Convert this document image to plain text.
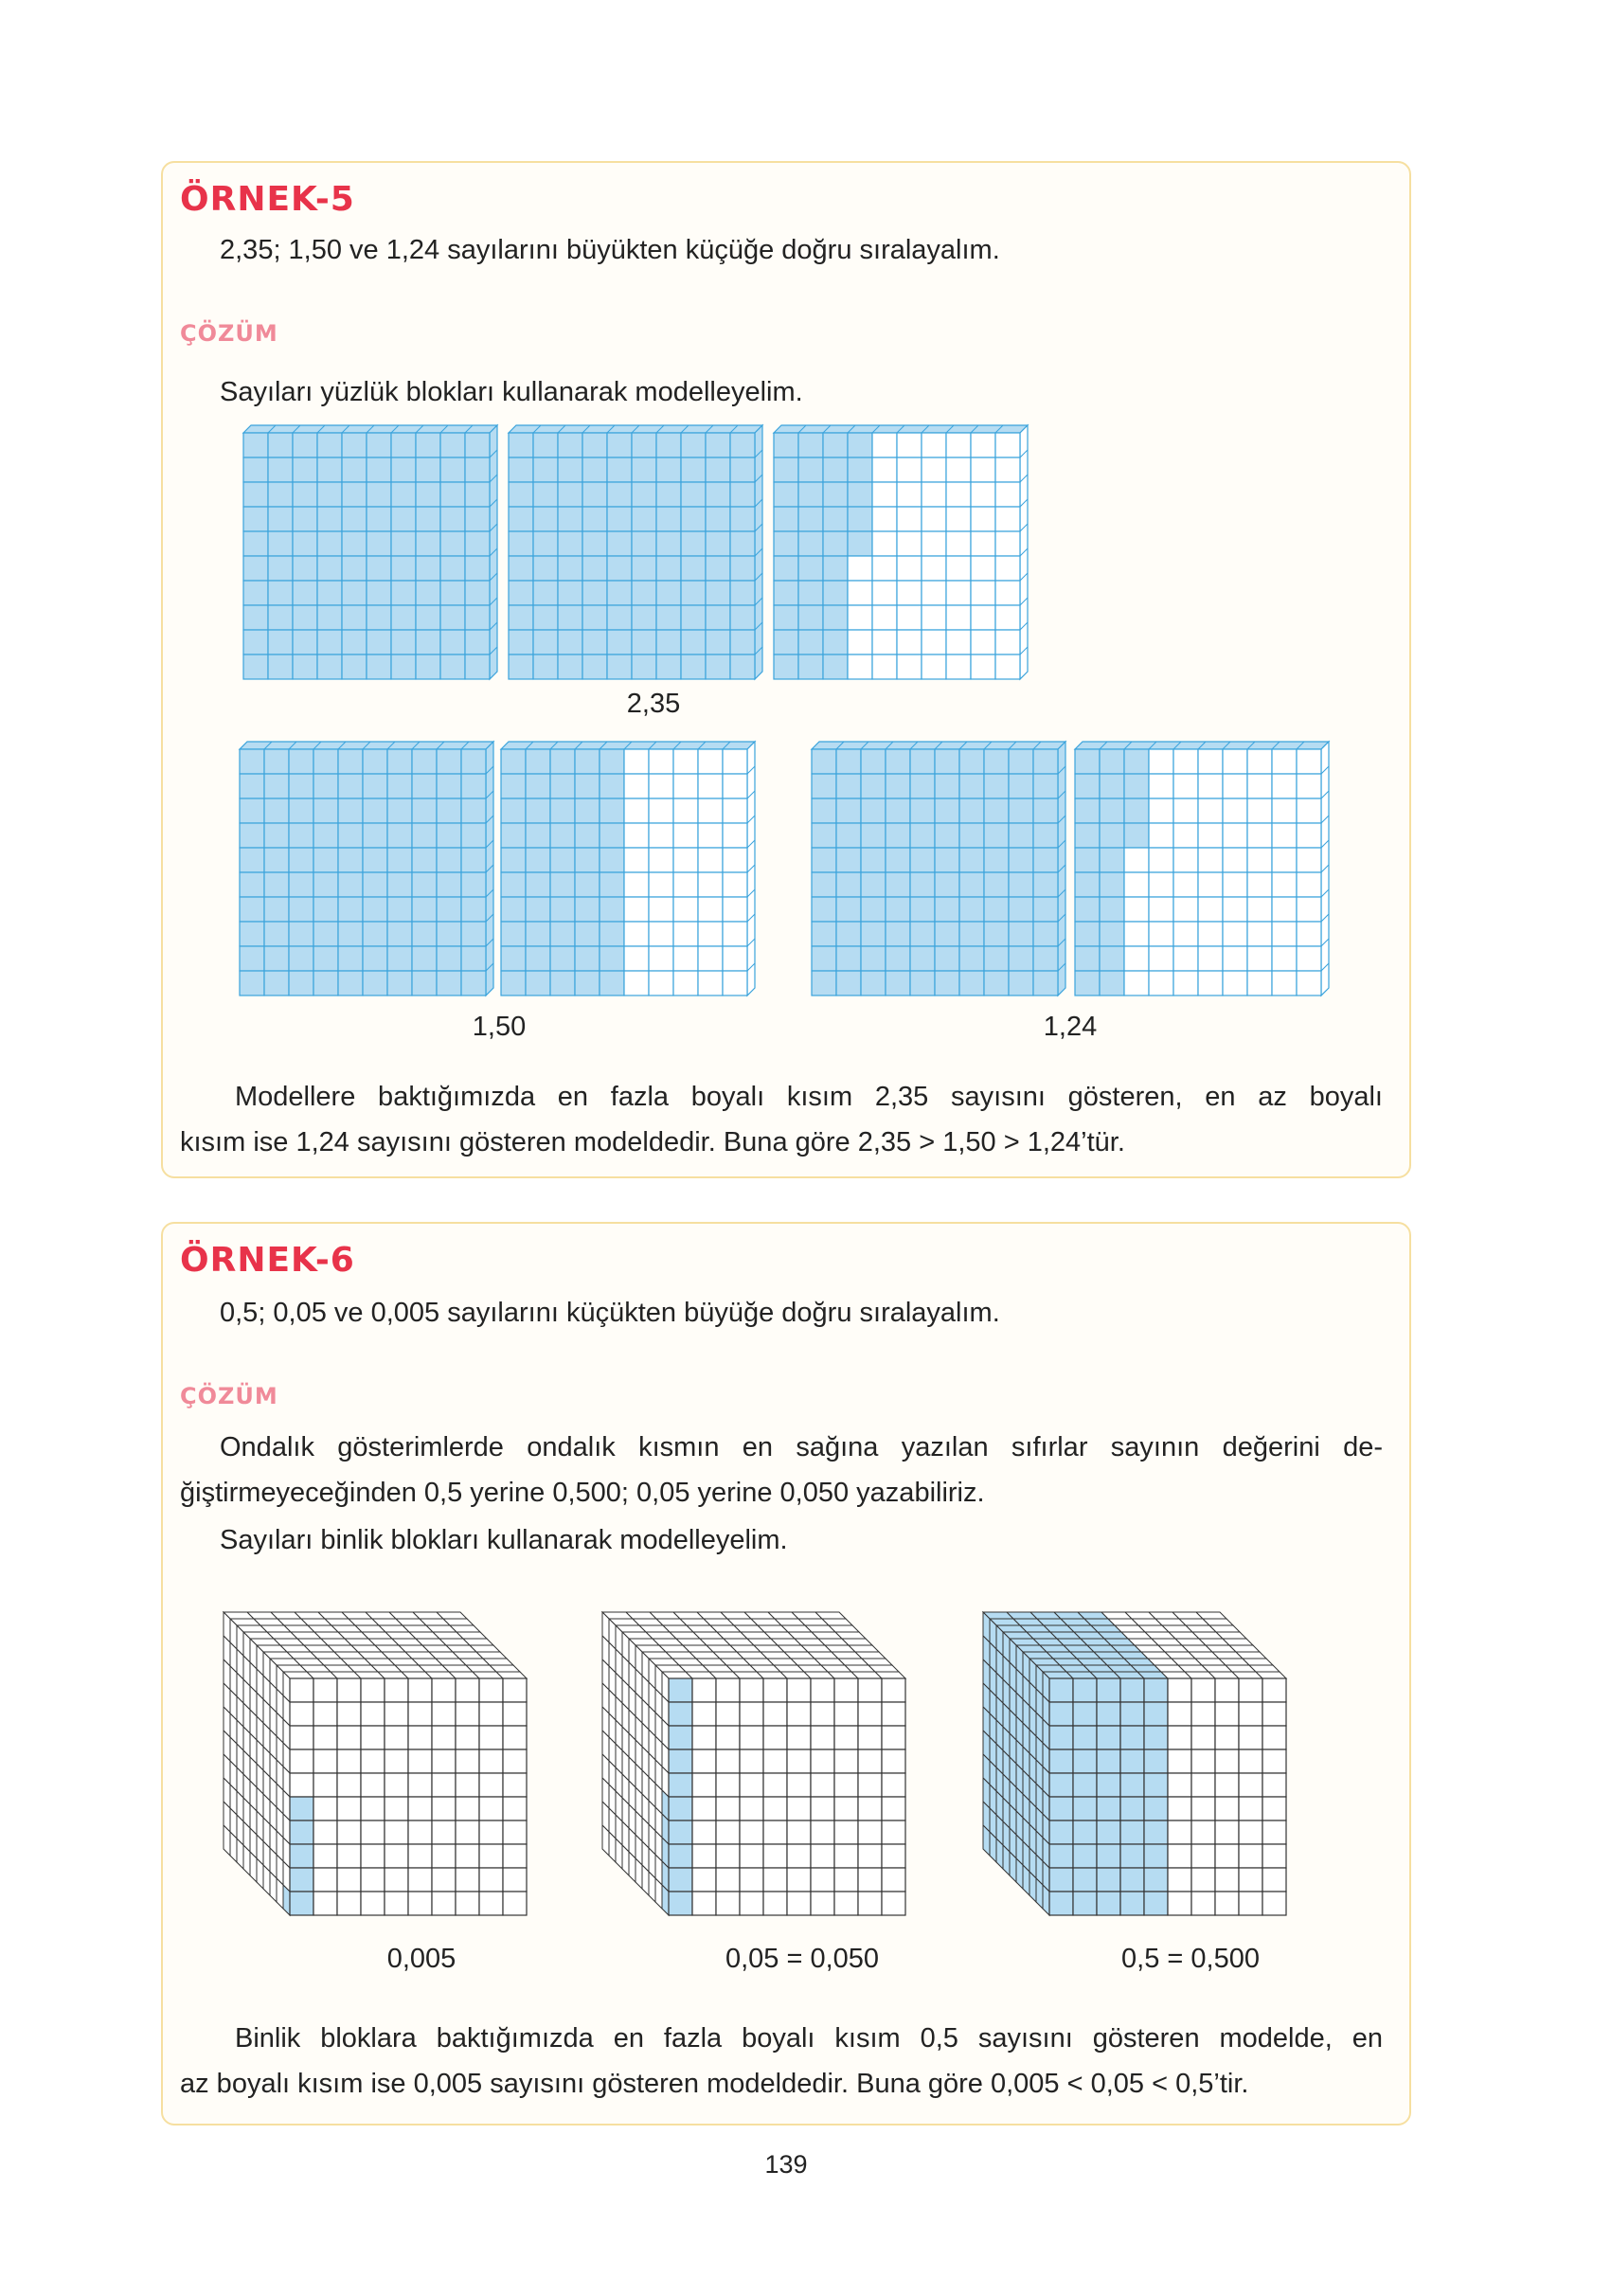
ÖRNEK-5
2,35; 1,50 ve 1,24 sayılarını büyükten küçüğe doğru sıralayalım.
ÇÖZÜM
Sayıları yüzlük blokları kullanarak modelleyelim.
2,35
1,50	1,24
Modellere baktığımızda en fazla boyalı kısım 2,35 sayısını gösteren, en az boyalı
kısım ise 1,24 sayısını gösteren modeldedir. Buna göre 2,35 > 1,50 > 1,24’tür.
ÖRNEK-6
0,5; 0,05 ve 0,005 sayılarını küçükten büyüğe doğru sıralayalım.
ÇÖZÜM
Ondalık gösterimlerde ondalık kısmın en sağına yazılan sıfırlar sayının değerini de-
ğiştirmeyeceğinden 0,5 yerine 0,500; 0,05 yerine 0,050 yazabiliriz.
Sayıları binlik blokları kullanarak modelleyelim.
0,005	0,05 = 0,050	0,5 = 0,500
Binlik bloklara baktığımızda en fazla boyalı kısım 0,5 sayısını gösteren modelde, en
az boyalı kısım ise 0,005 sayısını gösteren modeldedir. Buna göre 0,005 < 0,05 < 0,5’tir.
139
